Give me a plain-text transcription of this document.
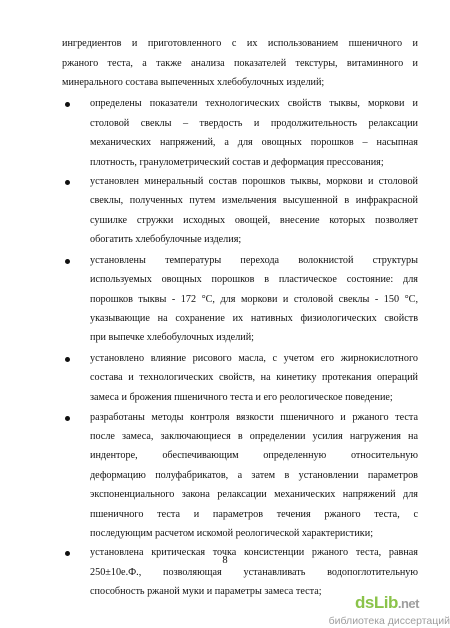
ингредиентов и приготовленного с их использованием пшеничного и
ржаного теста, а также анализа показателей текстуры, витаминного и
минерального состава выпеченных хлебобулочных изделий;
определены показатели технологических свойств тыквы, моркови и
столовой свеклы – твердость и продолжительность релаксации
механических напряжений, а для овощных порошков – насыпная
плотность, гранулометрический состав и деформация прессования;
установлен минеральный состав порошков тыквы, моркови и столовой
свеклы, полученных путем измельчения высушенной в инфракрасной
сушилке стружки исходных овощей, внесение которых позволяет
обогатить хлебобулочные изделия;
установлены температуры перехода волокнистой структуры
используемых овощных порошков в пластическое состояние: для
порошков тыквы - 172 °С, для моркови и столовой свеклы - 150 °С,
указывающие на сохранение их нативных физиологических свойств
при выпечке хлебобулочных изделий;
установлено влияние рисового масла, с учетом его жирнокислотного
состава и технологических свойств, на кинетику протекания операций
замеса и брожения пшеничного теста и его реологическое поведение;
разработаны методы контроля вязкости пшеничного и ржаного теста
после замеса, заключающиеся в определении усилия нагружения на
инденторе, обеспечивающим определенную относительную
деформацию полуфабрикатов, а затем в установлении параметров
экспоненциального закона релаксации механических напряжений для
пшеничного теста и параметров течения ржаного теста, с
последующим расчетом искомой реологической характеристики;
установлена критическая точка консистенции ржаного теста, равная
250±10е.Ф., позволяющая устанавливать водопоглотительную
способность ржаной муки и параметры замеса теста;
8
dsLib.net
библиотека диссертаций
